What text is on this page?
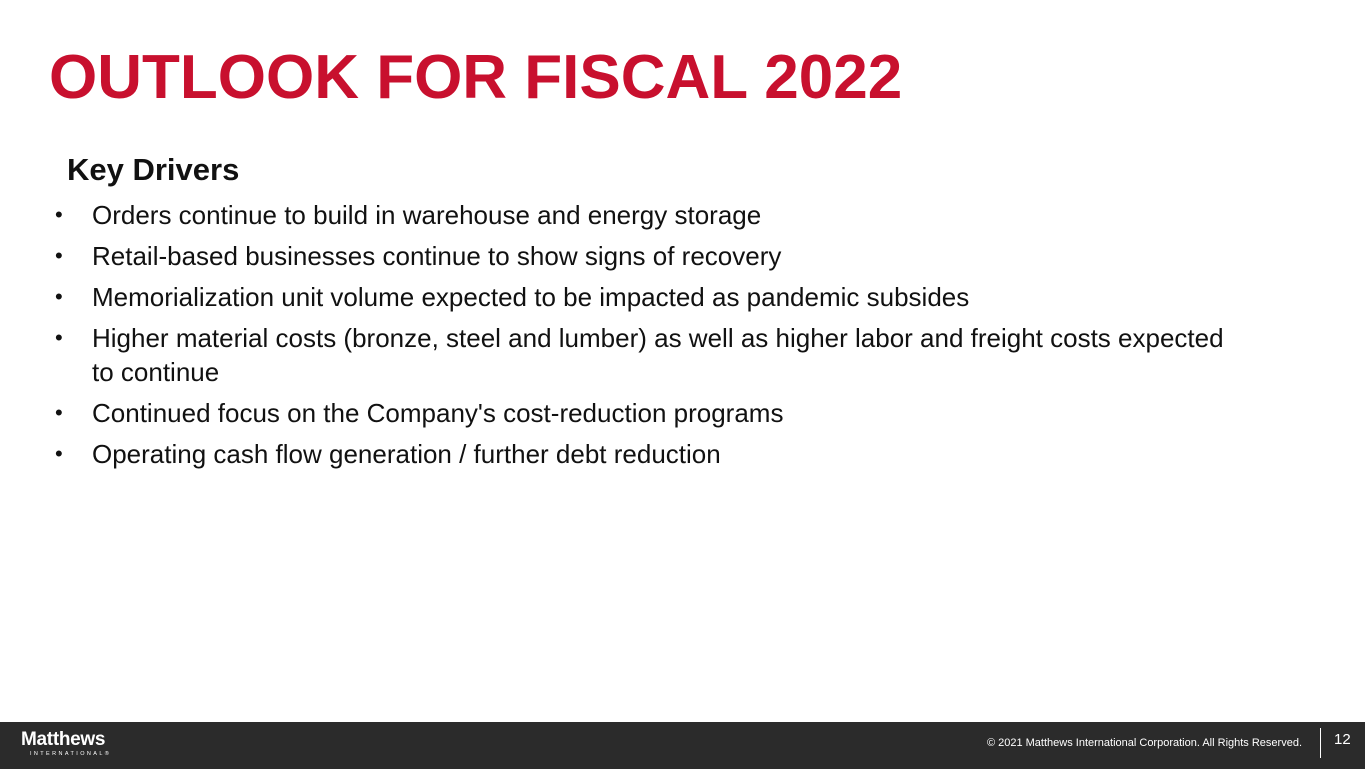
OUTLOOK FOR FISCAL 2022
Key Drivers
• Orders continue to build in warehouse and energy storage
• Retail-based businesses continue to show signs of recovery
• Memorialization unit volume expected to be impacted as pandemic subsides
• Higher material costs (bronze, steel and lumber) as well as higher labor and freight costs expected to continue
• Continued focus on the Company's cost-reduction programs
• Operating cash flow generation / further debt reduction
Matthews
INTERNATIONAL®
© 2021 Matthews International Corporation. All Rights Reserved. 12
